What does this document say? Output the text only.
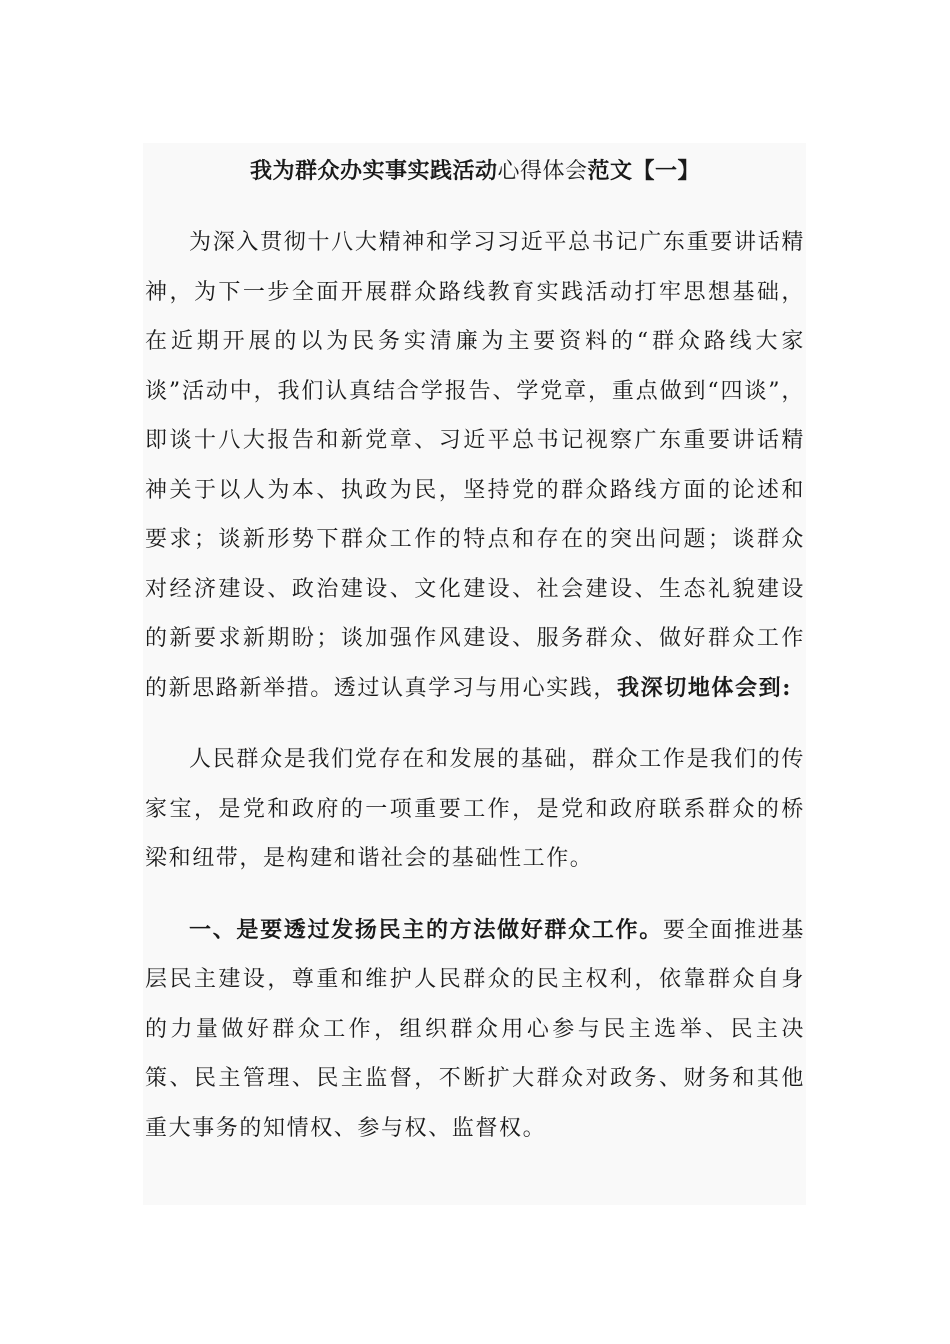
我为群众办实事实践活动心得体会范文【一】

为深入贯彻十八大精神和学习习近平总书记广东重要讲话精神，为下一步全面开展群众路线教育实践活动打牢思想基础，在近期开展的以为民务实清廉为主要资料的“群众路线大家谈”活动中，我们认真结合学报告、学党章，重点做到“四谈”，即谈十八大报告和新党章、习近平总书记视察广东重要讲话精神关于以人为本、执政为民，坚持党的群众路线方面的论述和要求；谈新形势下群众工作的特点和存在的突出问题；谈群众对经济建设、政治建设、文化建设、社会建设、生态礼貌建设的新要求新期盼；谈加强作风建设、服务群众、做好群众工作的新思路新举措。透过认真学习与用心实践，我深切地体会到:

人民群众是我们党存在和发展的基础，群众工作是我们的传家宝，是党和政府的一项重要工作，是党和政府联系群众的桥梁和纽带，是构建和谐社会的基础性工作。

一、是要透过发扬民主的方法做好群众工作。要全面推进基层民主建设，尊重和维护人民群众的民主权利，依靠群众自身的力量做好群众工作，组织群众用心参与民主选举、民主决策、民主管理、民主监督，不断扩大群众对政务、财务和其他重大事务的知情权、参与权、监督权。
